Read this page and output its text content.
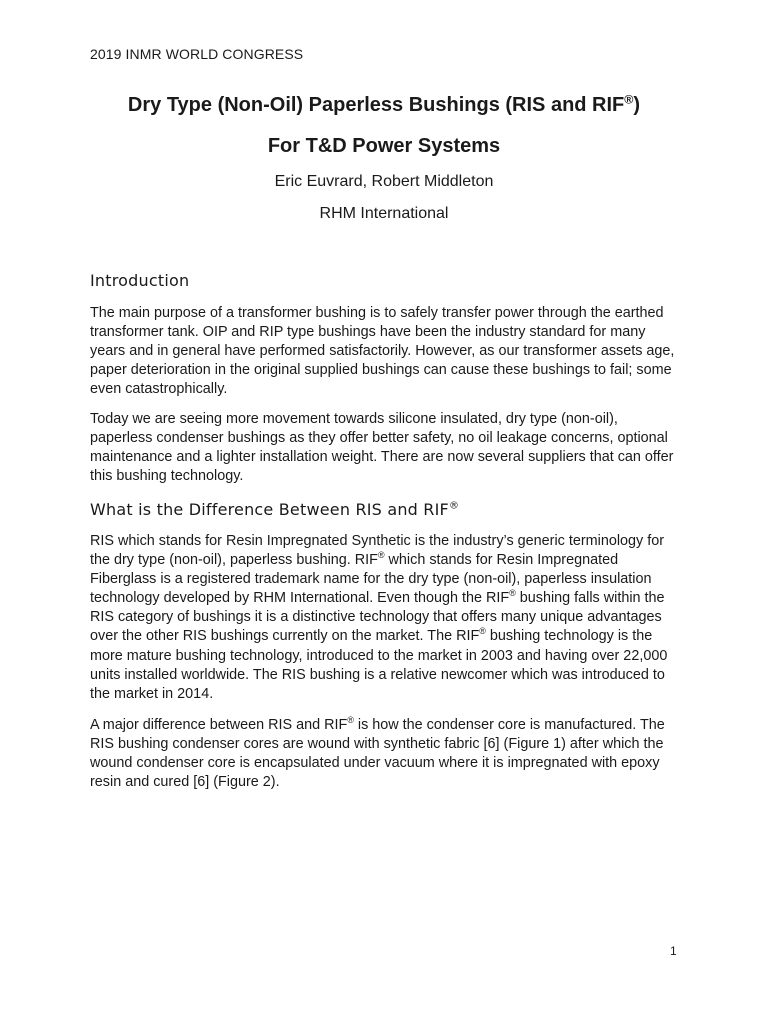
2019 INMR WORLD CONGRESS
Dry Type (Non-Oil) Paperless Bushings (RIS and RIF®)
For T&D Power Systems
Eric Euvrard, Robert Middleton
RHM International
Introduction
The main purpose of a transformer bushing is to safely transfer power through the earthed transformer tank. OIP and RIP type bushings have been the industry standard for many years and in general have performed satisfactorily. However, as our transformer assets age, paper deterioration in the original supplied bushings can cause these bushings to fail; some even catastrophically.
Today we are seeing more movement towards silicone insulated, dry type (non-oil), paperless condenser bushings as they offer better safety, no oil leakage concerns, optional maintenance and a lighter installation weight. There are now several suppliers that can offer this bushing technology.
What is the Difference Between RIS and RIF®
RIS which stands for Resin Impregnated Synthetic is the industry’s generic terminology for the dry type (non-oil), paperless bushing. RIF® which stands for Resin Impregnated Fiberglass is a registered trademark name for the dry type (non-oil), paperless insulation technology developed by RHM International. Even though the RIF® bushing falls within the RIS category of bushings it is a distinctive technology that offers many unique advantages over the other RIS bushings currently on the market. The RIF® bushing technology is the more mature bushing technology, introduced to the market in 2003 and having over 22,000 units installed worldwide. The RIS bushing is a relative newcomer which was introduced to the market in 2014.
A major difference between RIS and RIF® is how the condenser core is manufactured. The RIS bushing condenser cores are wound with synthetic fabric [6] (Figure 1) after which the wound condenser core is encapsulated under vacuum where it is impregnated with epoxy resin and cured [6] (Figure 2).
1
